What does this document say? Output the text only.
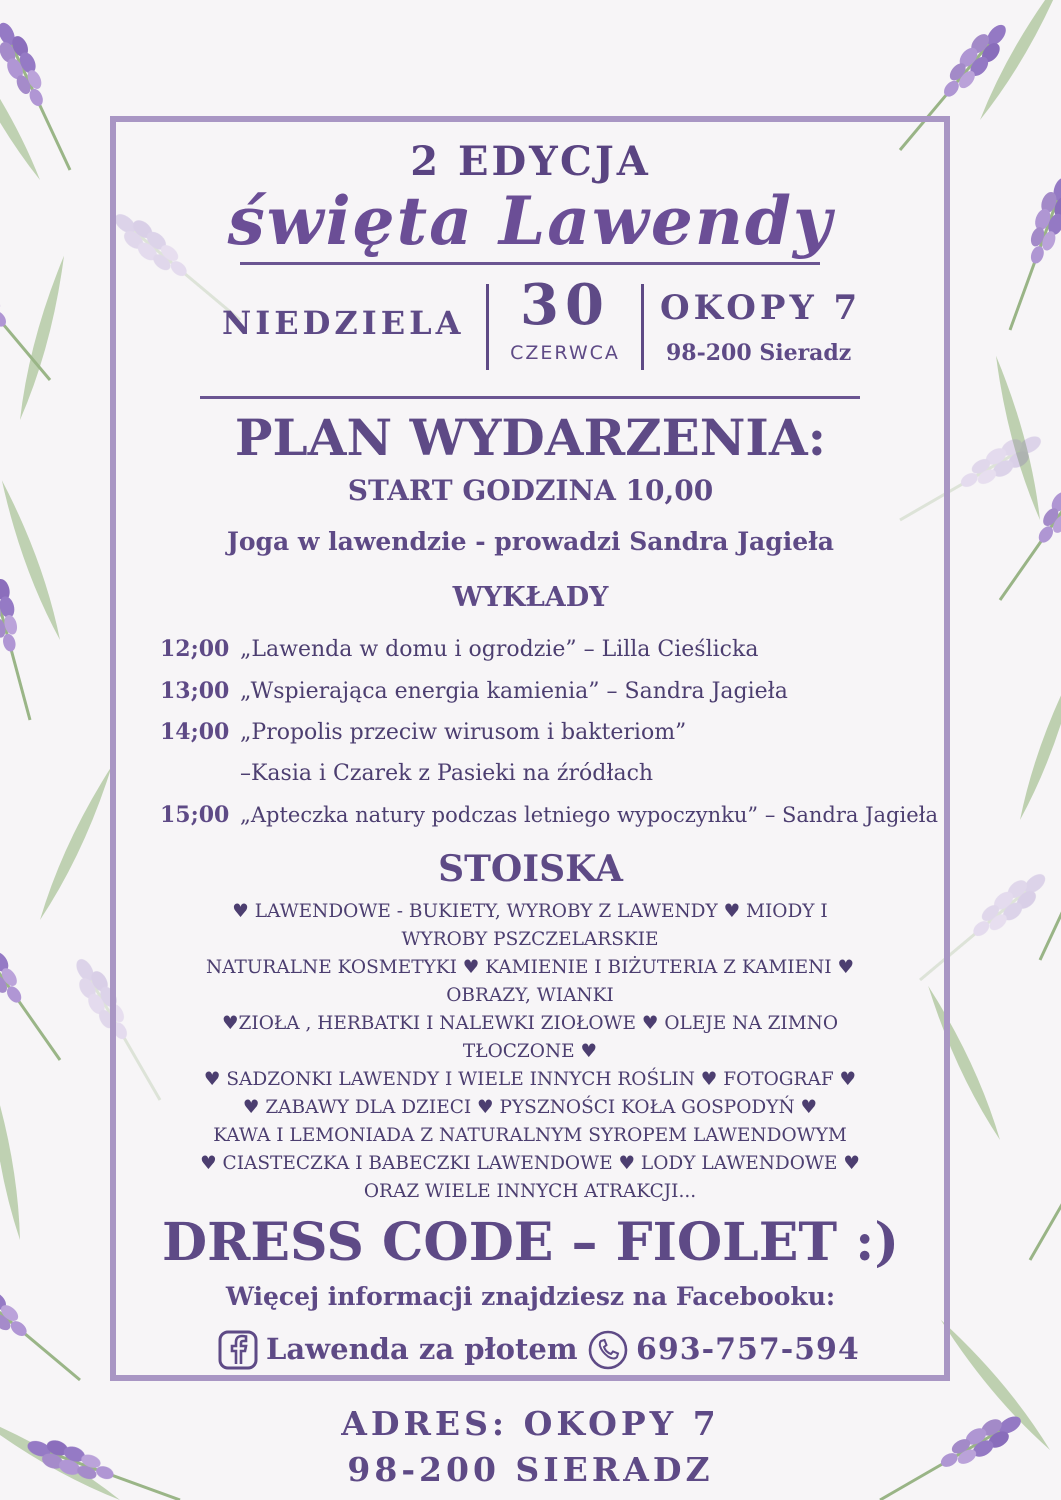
2 EDYCJA
święta Lawendy
NIEDZIELA 30
CZERWCA
OKOPY 7
98-200 Sieradz
PLAN WYDARZENIA:
START GODZINA 10,00
Joga w lawendzie - prowadzi Sandra Jagieła
WYKŁADY
12;00 „Lawenda w domu i ogrodzie” – Lilla Cieślicka
13;00 „Wspierająca energia kamienia” – Sandra Jagieła
14;00 „Propolis przeciw wirusom i bakteriom”
–Kasia i Czarek z Pasieki na źródłach
15;00 „Apteczka natury podczas letniego wypoczynku” – Sandra Jagieła
STOISKA
♥ LAWENDOWE - BUKIETY, WYROBY Z LAWENDY ♥ MIODY I
WYROBY PSZCZELARSKIE
NATURALNE KOSMETYKI ♥ KAMIENIE I BIŻUTERIA Z KAMIENI ♥
OBRAZY, WIANKI
♥ZIOŁA , HERBATKI I NALEWKI ZIOŁOWE ♥ OLEJE NA ZIMNO
TŁOCZONE ♥
♥ SADZONKI LAWENDY I WIELE INNYCH ROŚLIN ♥ FOTOGRAF ♥
♥ ZABAWY DLA DZIECI ♥ PYSZNOŚCI KOŁA GOSPODYŃ ♥
KAWA I LEMONIADA Z NATURALNYM SYROPEM LAWENDOWYM
♥ CIASTECZKA I BABECZKI LAWENDOWE ♥ LODY LAWENDOWE ♥
ORAZ WIELE INNYCH ATRAKCJI...
DRESS CODE – FIOLET :)
Więcej informacji znajdziesz na Facebooku:
Lawenda za płotem 693-757-594
ADRES: OKOPY 7
98-200 SIERADZ
